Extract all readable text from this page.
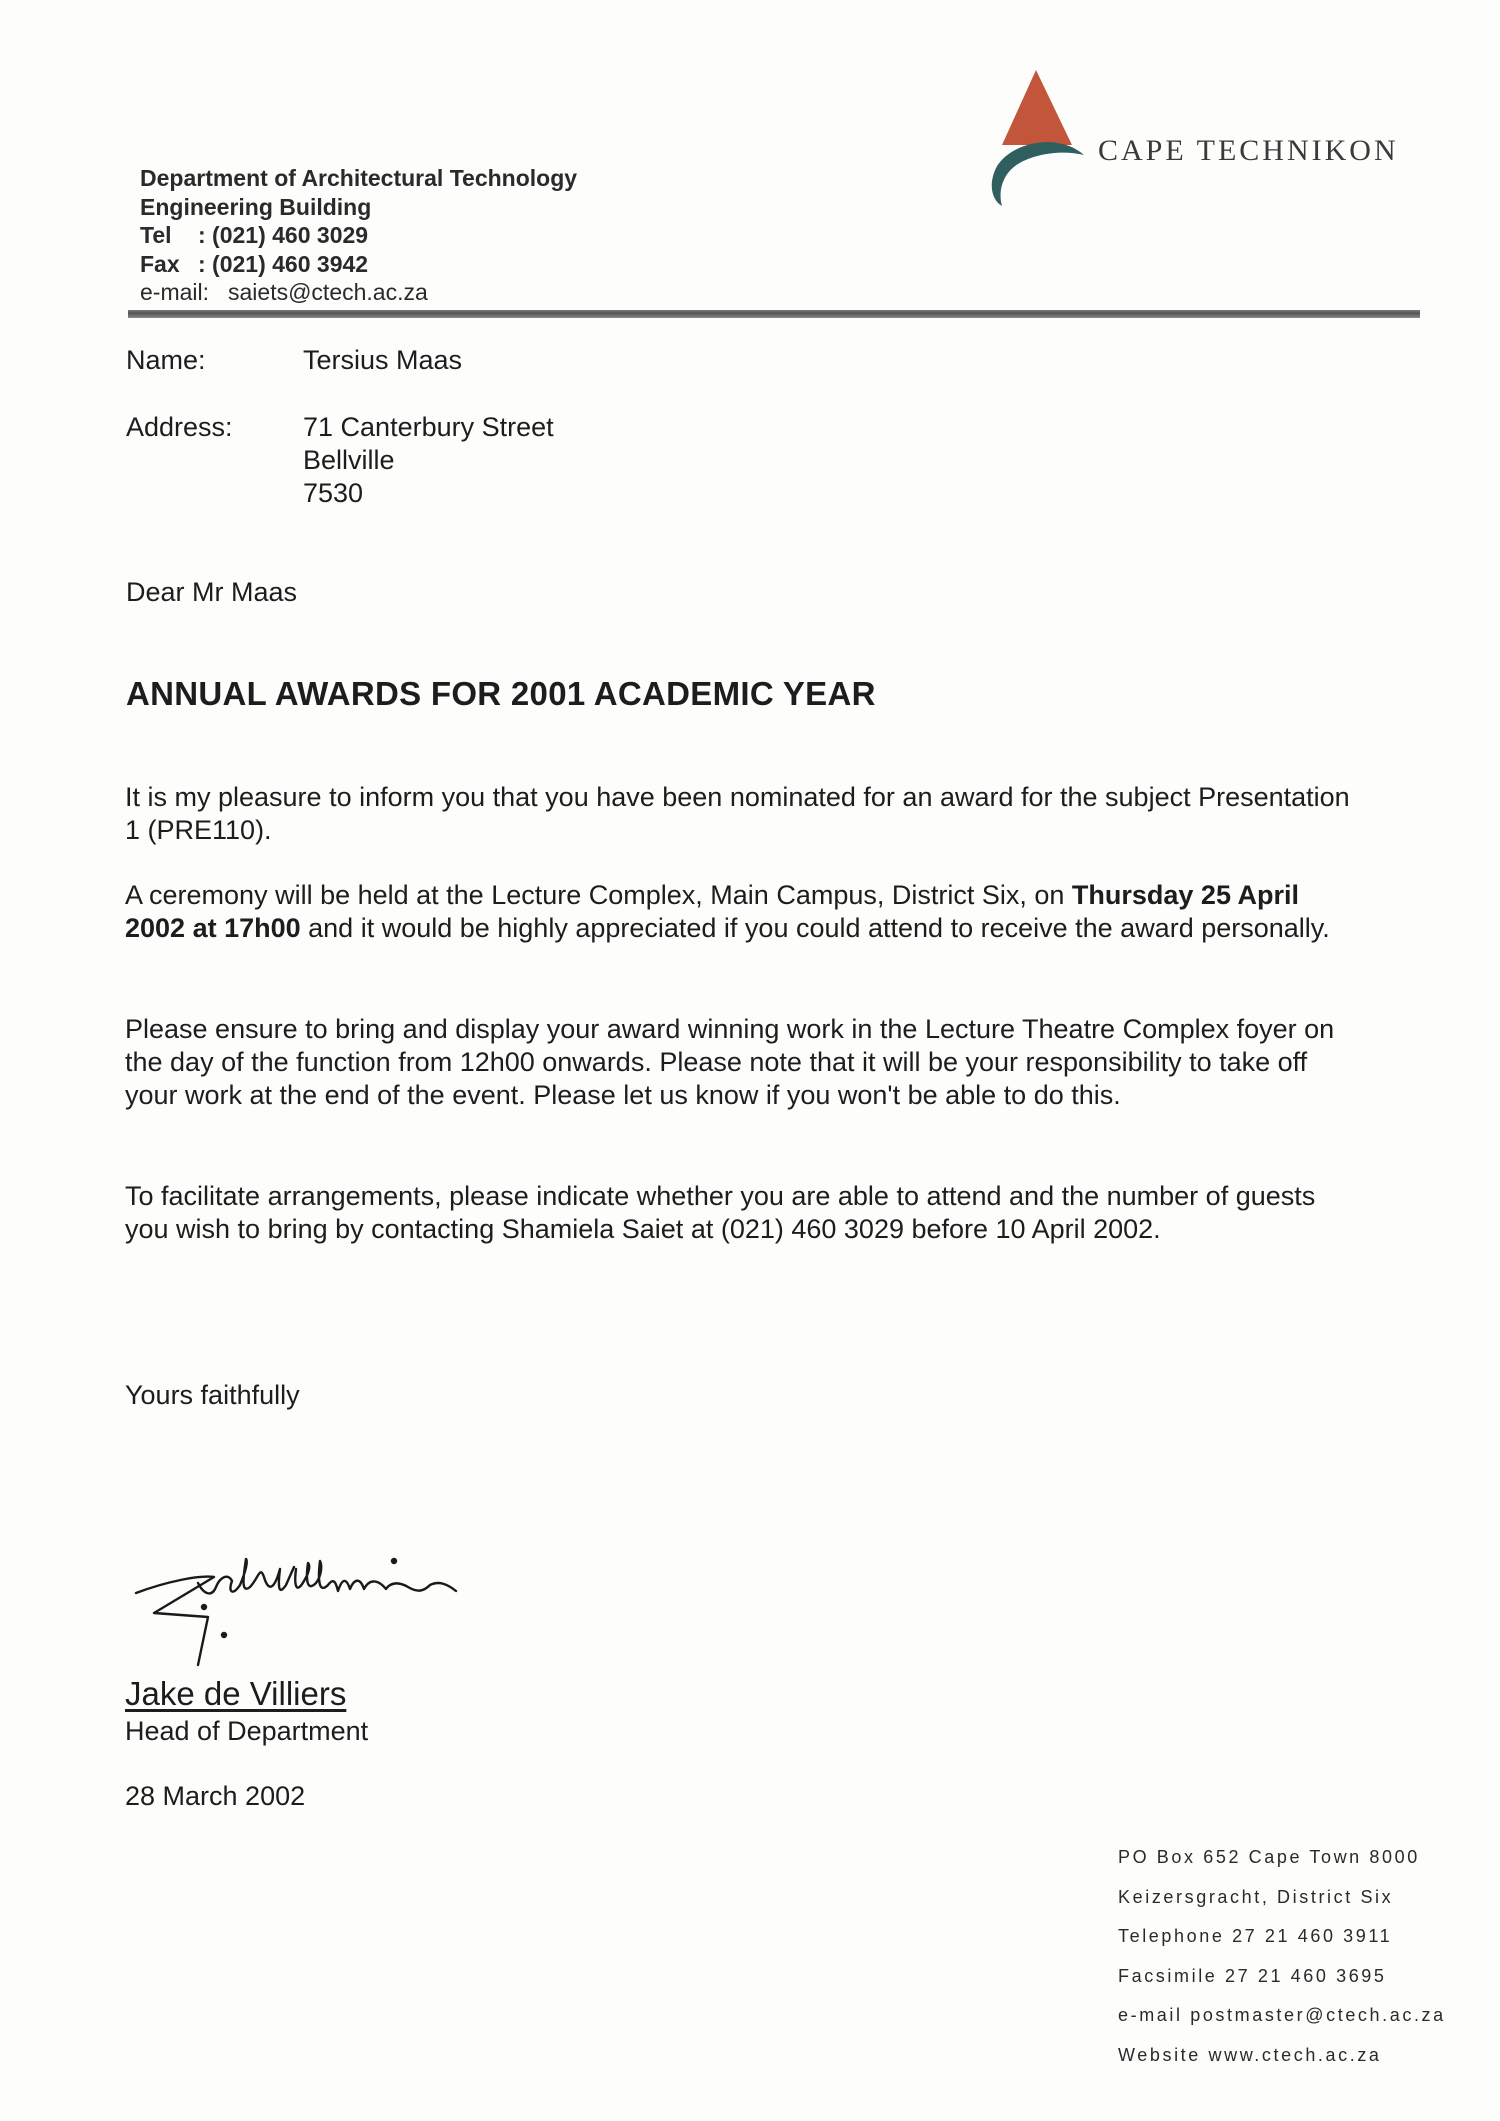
CAPE TECHNIKON
Department of Architectural Technology
Engineering Building
Tel : (021) 460 3029
Fax : (021) 460 3942
e-mail: saiets@ctech.ac.za
Name:	Tersius Maas
Address:	71 Canterbury Street
Bellville
7530
Dear Mr Maas
ANNUAL AWARDS FOR 2001 ACADEMIC YEAR
It is my pleasure to inform you that you have been nominated for an award for the subject Presentation 1 (PRE110).
A ceremony will be held at the Lecture Complex, Main Campus, District Six, on Thursday 25 April 2002 at 17h00 and it would be highly appreciated if you could attend to receive the award personally.
Please ensure to bring and display your award winning work in the Lecture Theatre Complex foyer on the day of the function from 12h00 onwards. Please note that it will be your responsibility to take off your work at the end of the event. Please let us know if you won't be able to do this.
To facilitate arrangements, please indicate whether you are able to attend and the number of guests you wish to bring by contacting Shamiela Saiet at (021) 460 3029 before 10 April 2002.
Yours faithfully
Jake de Villiers
Head of Department
28 March 2002
PO Box 652 Cape Town 8000
Keizersgracht, District Six
Telephone 27 21 460 3911
Facsimile 27 21 460 3695
e-mail postmaster@ctech.ac.za
Website www.ctech.ac.za
